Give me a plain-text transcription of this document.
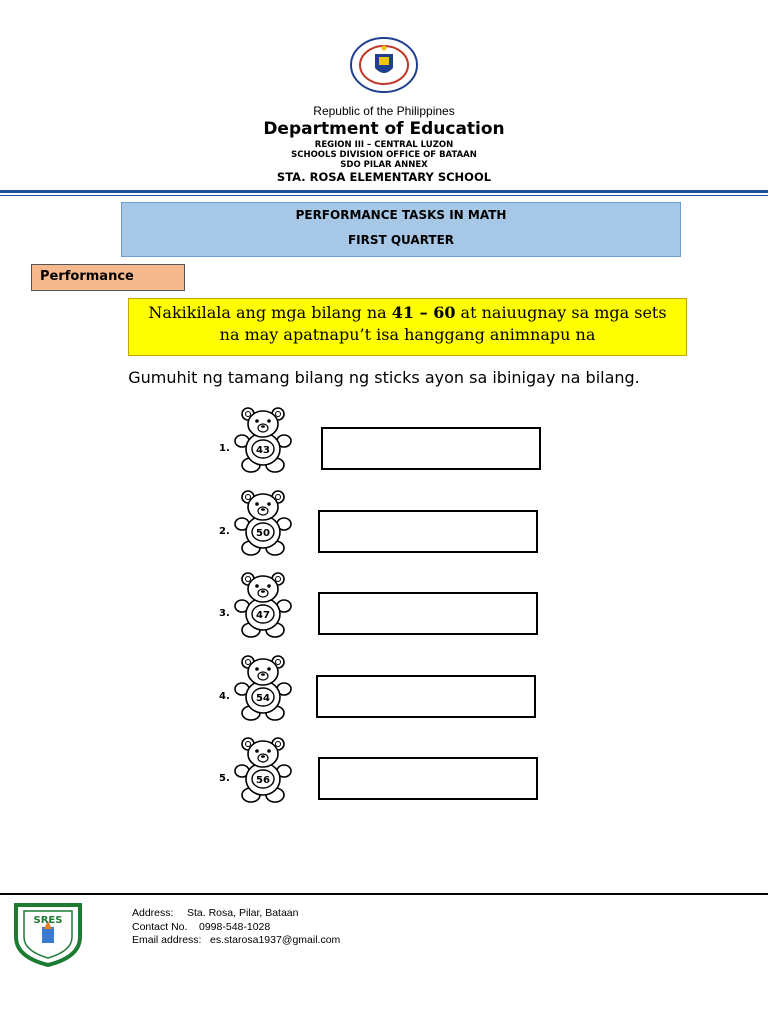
Republic of the Philippines
Department of Education
REGION III – CENTRAL LUZON
SCHOOLS DIVISION OFFICE OF BATAAN
SDO PILAR ANNEX
STA. ROSA ELEMENTARY SCHOOL
PERFORMANCE TASKS IN MATH
FIRST QUARTER
Performance
Nakikilala ang mga bilang na 41 – 60 at naiuugnay sa mga sets na may apatnapu’t isa hanggang animnapu na
Gumuhit ng tamang bilang ng sticks ayon sa ibinigay na bilang.
1.	43
2.	50
3.	47
4.	54
5.	56
SRES
Address: Sta. Rosa, Pilar, Bataan
Contact No. 0998-548-1028
Email address: es.starosa1937@gmail.com
